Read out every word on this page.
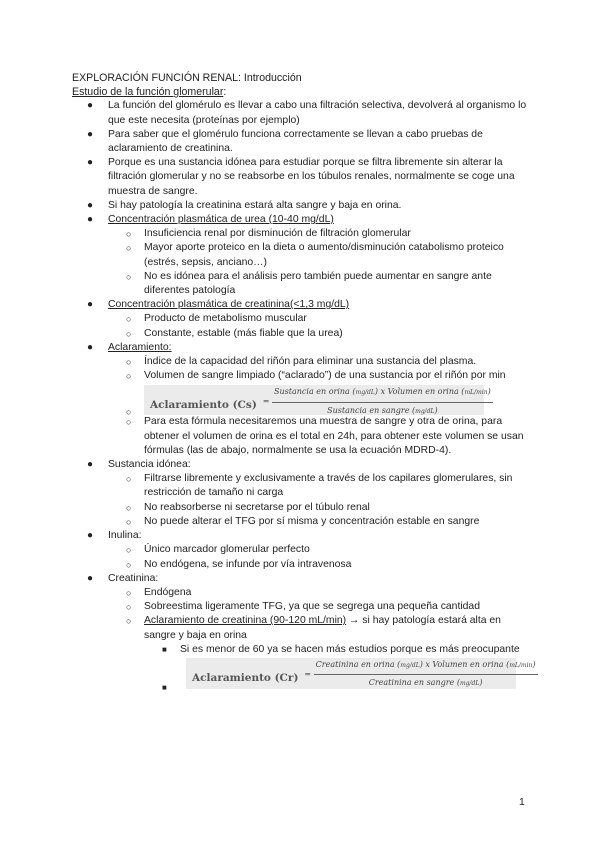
EXPLORACIÓN FUNCIÓN RENAL: Introducción

Estudio de la función glomerular:

● La función del glomérulo es llevar a cabo una filtración selectiva, devolverá al organismo lo que este necesita (proteínas por ejemplo)
● Para saber que el glomérulo funciona correctamente se llevan a cabo pruebas de aclaramiento de creatinina.
● Porque es una sustancia idónea para estudiar porque se filtra libremente sin alterar la filtración glomerular y no se reabsorbe en los túbulos renales, normalmente se coge una muestra de sangre.
● Si hay patología la creatinina estará alta sangre y baja en orina.
● Concentración plasmática de urea (10-40 mg/dL)
○ Insuficiencia renal por disminución de filtración glomerular
○ Mayor aporte proteico en la dieta o aumento/disminución catabolismo proteico (estrés, sepsis, anciano…)
○ No es idónea para el análisis pero también puede aumentar en sangre ante diferentes patología
● Concentración plasmática de creatinina(<1,3 mg/dL)
○ Producto de metabolismo muscular
○ Constante, estable (más fiable que la urea)
● Aclaramiento:
○ Índice de la capacidad del riñón para eliminar una sustancia del plasma.
○ Volumen de sangre limpiado (“aclarado”) de una sustancia por el riñón por min
○
Aclaramiento $(Cs) = \frac{\text{Sustancia en orina (mg/dL) x Volumen en orina (mL/min)}}{\text{Sustancia en sangre (mg/dL)}}$
○ Para esta fórmula necesitaremos una muestra de sangre y otra de orina, para obtener el volumen de orina es el total en 24h, para obtener este volumen se usan fórmulas (las de abajo, normalmente se usa la ecuación MDRD-4).
● Sustancia idónea:
○ Filtrarse libremente y exclusivamente a través de los capilares glomerulares, sin restricción de tamaño ni carga
○ No reabsorberse ni secretarse por el túbulo renal
○ No puede alterar el TFG por sí misma y concentración estable en sangre
● Inulina:
○ Único marcador glomerular perfecto
○ No endógena, se infunde por vía intravenosa
● Creatinina:
○ Endógena
○ Sobreestima ligeramente TFG, ya que se segrega una pequeña cantidad
○ Aclaramiento de creatinina (90-120 mL/min) → si hay patología estará alta en sangre y baja en orina
■ Si es menor de 60 ya se hacen más estudios porque es más preocupante
■
Aclaramiento $(Cr) = \frac{\text{Creatinina en orina (mg/dL) x Volumen en orina (mL/min)}}{\text{Creatinina en sangre (mg/dL)}}$
1
